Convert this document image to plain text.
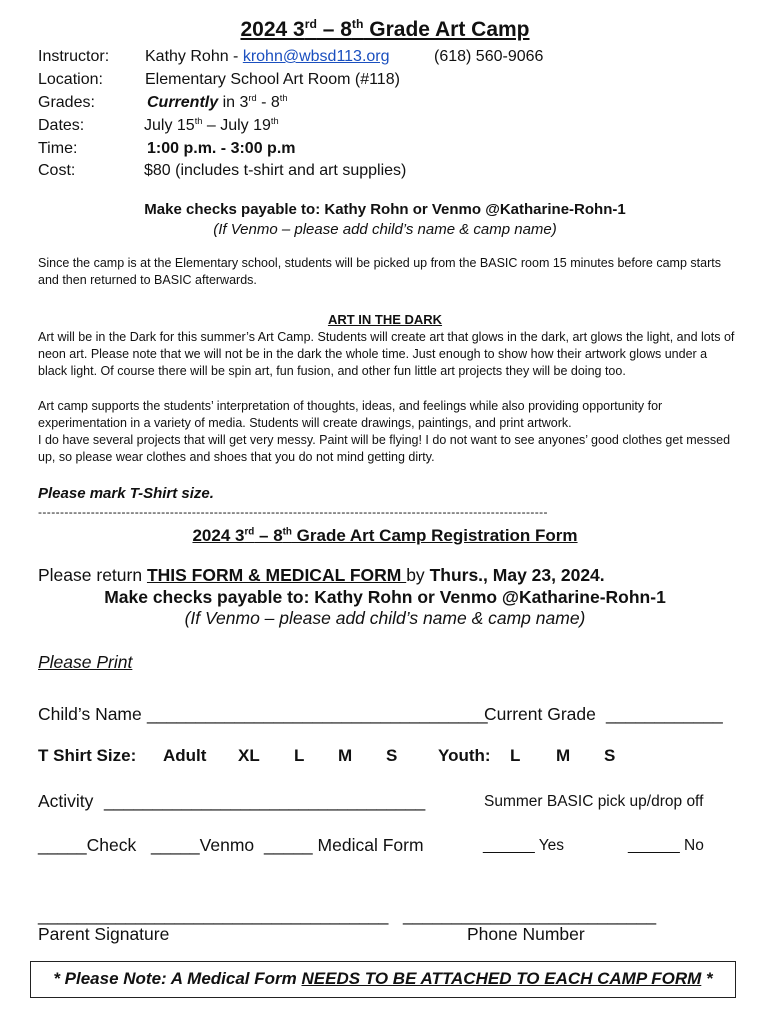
2024 3rd – 8th Grade Art Camp
Instructor: Kathy Rohn - krohn@wbsd113.org	(618) 560-9066
Location:	Elementary School Art Room (#118)
Grades:	Currently in 3rd - 8th
Dates:	July 15th – July 19th
Time:	1:00 p.m. - 3:00 p.m
Cost:	$80 (includes t-shirt and art supplies)
Make checks payable to: Kathy Rohn or Venmo @Katharine-Rohn-1
(If Venmo – please add child’s name & camp name)
Since the camp is at the Elementary school, students will be picked up from the BASIC room 15 minutes before camp starts and then returned to BASIC afterwards.
ART IN THE DARK
Art will be in the Dark for this summer’s Art Camp. Students will create art that glows in the dark, art glows the light, and lots of neon art. Please note that we will not be in the dark the whole time. Just enough to show how their artwork glows under a black light. Of course there will be spin art, fun fusion, and other fun little art projects they will be doing too.
Art camp supports the students’ interpretation of thoughts, ideas, and feelings while also providing opportunity for experimentation in a variety of media. Students will create drawings, paintings, and print artwork.
I do have several projects that will get very messy. Paint will be flying! I do not want to see anyones’ good clothes get messed up, so please wear clothes and shoes that you do not mind getting dirty.
Please mark T-Shirt size.
--------------------------------------------------------------------------------------------------------------------
2024 3rd – 8th Grade Art Camp Registration Form
Please return THIS FORM & MEDICAL FORM by Thurs., May 23, 2024.
Make checks payable to: Kathy Rohn or Venmo @Katharine-Rohn-1
(If Venmo – please add child’s name & camp name)
Please Print
Child’s Name ___________________________________
Current Grade ____________
T Shirt Size: Adult XL L M S Youth: L M S
Activity _________________________________	Summer BASIC pick up/drop off
_____Check _____Venmo _____ Medical Form	______ Yes	______ No
____________________________________ __________________________
Parent Signature	Phone Number
* Please Note: A Medical Form NEEDS TO BE ATTACHED TO EACH CAMP FORM *
